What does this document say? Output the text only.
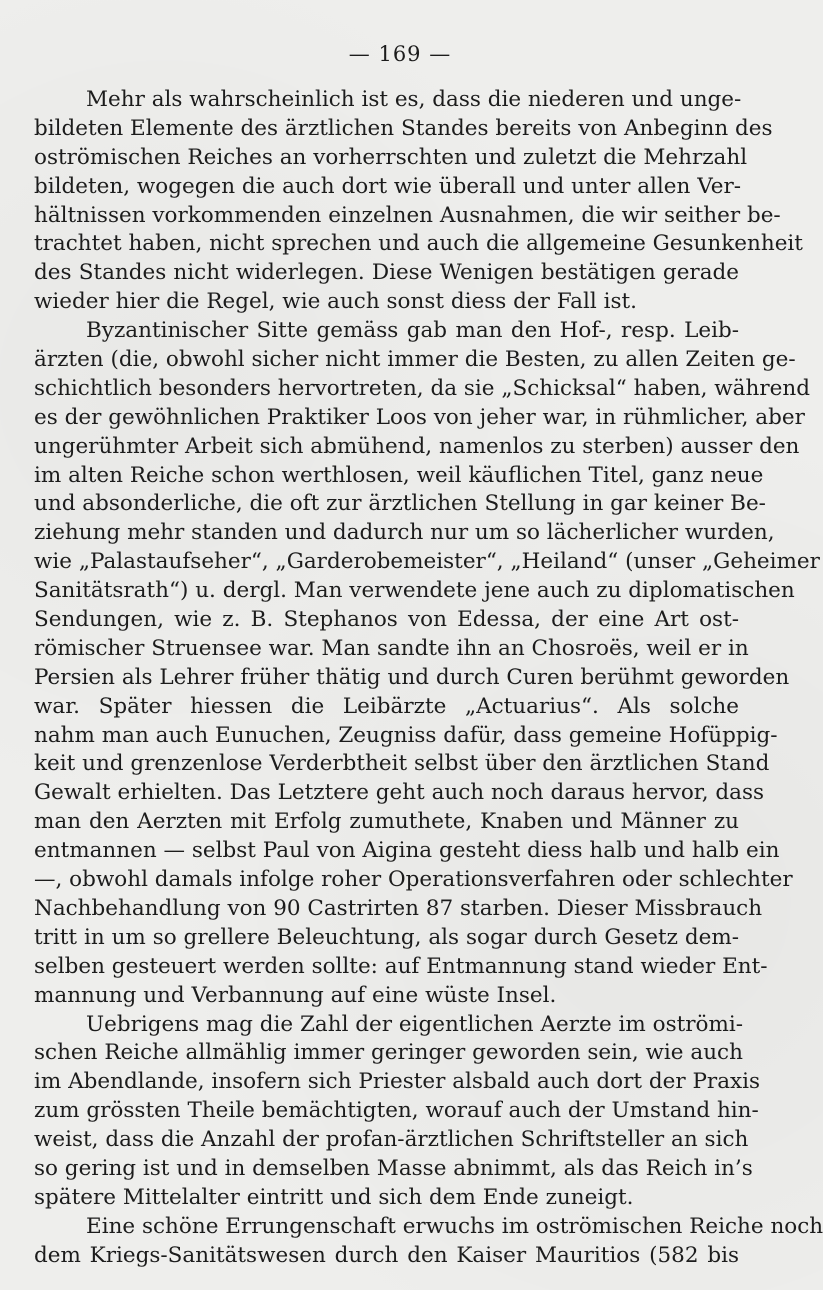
— 169 —
Mehr als wahrscheinlich ist es, dass die niederen und unge-
bildeten Elemente des ärztlichen Standes bereits von Anbeginn des
oströmischen Reiches an vorherrschten und zuletzt die Mehrzahl
bildeten, wogegen die auch dort wie überall und unter allen Ver-
hältnissen vorkommenden einzelnen Ausnahmen, die wir seither be-
trachtet haben, nicht sprechen und auch die allgemeine Gesunkenheit
des Standes nicht widerlegen. Diese Wenigen bestätigen gerade
wieder hier die Regel, wie auch sonst diess der Fall ist.
Byzantinischer Sitte gemäss gab man den Hof-, resp. Leib-
ärzten (die, obwohl sicher nicht immer die Besten, zu allen Zeiten ge-
schichtlich besonders hervortreten, da sie „Schicksal“ haben, während
es der gewöhnlichen Praktiker Loos von jeher war, in rühmlicher, aber
ungerühmter Arbeit sich abmühend, namenlos zu sterben) ausser den
im alten Reiche schon werthlosen, weil käuflichen Titel, ganz neue
und absonderliche, die oft zur ärztlichen Stellung in gar keiner Be-
ziehung mehr standen und dadurch nur um so lächerlicher wurden,
wie „Palastaufseher“, „Garderobemeister“, „Heiland“ (unser „Geheimer
Sanitätsrath“) u. dergl. Man verwendete jene auch zu diplomatischen
Sendungen, wie z. B. Stephanos von Edessa, der eine Art ost-
römischer Struensee war. Man sandte ihn an Chosroës, weil er in
Persien als Lehrer früher thätig und durch Curen berühmt geworden
war. Später hiessen die Leibärzte „Actuarius“. Als solche
nahm man auch Eunuchen, Zeugniss dafür, dass gemeine Hofüppig-
keit und grenzenlose Verderbtheit selbst über den ärztlichen Stand
Gewalt erhielten. Das Letztere geht auch noch daraus hervor, dass
man den Aerzten mit Erfolg zumuthete, Knaben und Männer zu
entmannen — selbst Paul von Aigina gesteht diess halb und halb ein
—, obwohl damals infolge roher Operationsverfahren oder schlechter
Nachbehandlung von 90 Castrirten 87 starben. Dieser Missbrauch
tritt in um so grellere Beleuchtung, als sogar durch Gesetz dem-
selben gesteuert werden sollte: auf Entmannung stand wieder Ent-
mannung und Verbannung auf eine wüste Insel.
Uebrigens mag die Zahl der eigentlichen Aerzte im oströmi-
schen Reiche allmählig immer geringer geworden sein, wie auch
im Abendlande, insofern sich Priester alsbald auch dort der Praxis
zum grössten Theile bemächtigten, worauf auch der Umstand hin-
weist, dass die Anzahl der profan-ärztlichen Schriftsteller an sich
so gering ist und in demselben Masse abnimmt, als das Reich in’s
spätere Mittelalter eintritt und sich dem Ende zuneigt.
Eine schöne Errungenschaft erwuchs im oströmischen Reiche noch
dem Kriegs-Sanitätswesen durch den Kaiser Mauritios (582 bis
